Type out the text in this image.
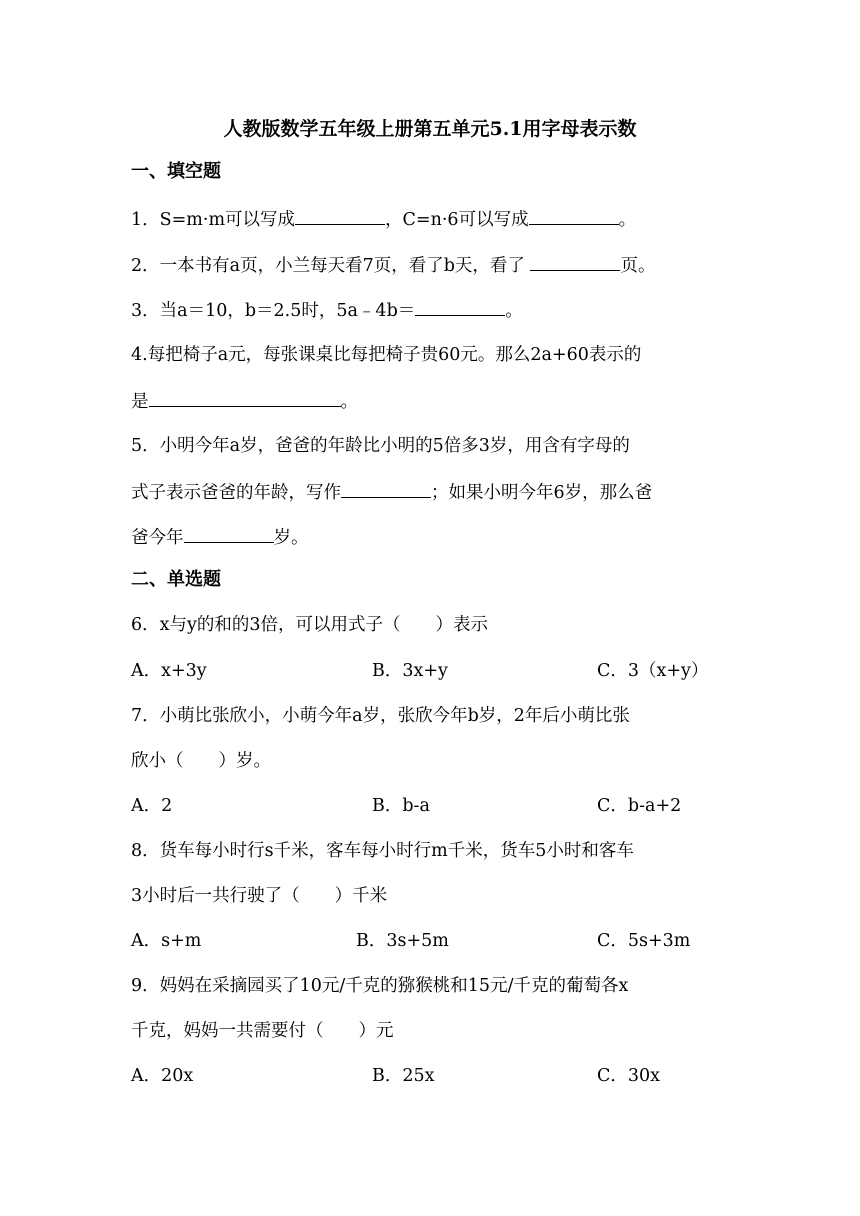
人教版数学五年级上册第五单元5.1用字母表示数
一、填空题
1．S=m·m可以写成	，C=n·6可以写成	。
2．一本书有a页，小兰每天看7页，看了b天，看了	页。
3．当a＝10，b＝2.5时，5a﹣4b＝	。
4.每把椅子a元，每张课桌比每把椅子贵60元。那么2a+60表示的
是	。
5．小明今年a岁，爸爸的年龄比小明的5倍多3岁，用含有字母的
式子表示爸爸的年龄，写作	；如果小明今年6岁，那么爸
爸今年	岁。
二、单选题
6．x与y的和的3倍，可以用式子（　　）表示
A．x+3y	B．3x+y	C．3（x+y）
7．小萌比张欣小，小萌今年a岁，张欣今年b岁，2年后小萌比张
欣小（　　）岁。
A．2	B．b-a	C．b-a+2
8．货车每小时行s千米，客车每小时行m千米，货车5小时和客车
3小时后一共行驶了（　　）千米
A．s+m	B．3s+5m	C．5s+3m
9．妈妈在采摘园买了10元/千克的猕猴桃和15元/千克的葡萄各x
千克，妈妈一共需要付（　　）元
A．20x	B．25x	C．30x
